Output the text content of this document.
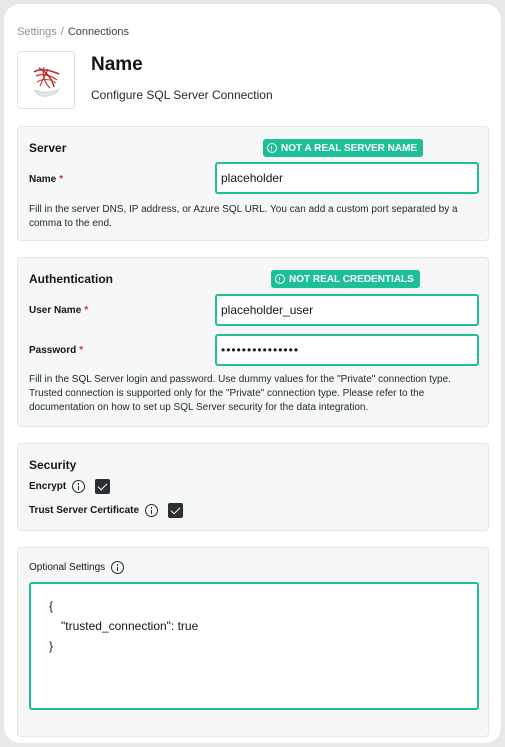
Settings / Connections
Name
Configure SQL Server Connection
Server	NOT A REAL SERVER NAME
Name *
placeholder
Fill in the server DNS, IP address, or Azure SQL URL. You can add a custom port separated by a comma to the end.
Authentication	NOT REAL CREDENTIALS
User Name *
placeholder_user
Password *
•••••••••••••••
Fill in the SQL Server login and password. Use dummy values for the "Private" connection type. Trusted connection is supported only for the "Private" connection type. Please refer to the documentation on how to set up SQL Server security for the data integration.
Security
Encrypt
Trust Server Certificate
Optional Settings
{
"trusted_connection": true
}
